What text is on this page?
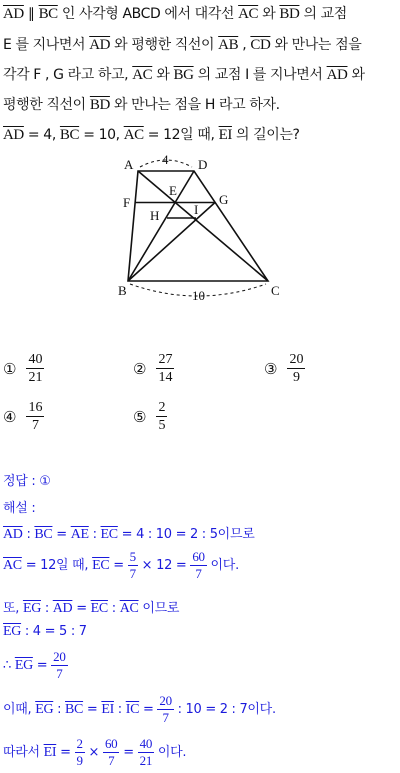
$\overline{AD}$ ∥ $\overline{BC}$ 인 사각형 ABCD 에서 대각선 $\overline{AC}$ 와 $\overline{BD}$ 의 교점
E 를 지나면서 $\overline{AD}$ 와 평행한 직선이 $\overline{AB}$ , $\overline{CD}$ 와 만나는 점을
각각 F , G 라고 하고, $\overline{AC}$ 와 $\overline{BG}$ 의 교점 I 를 지나면서 $\overline{AD}$ 와
평행한 직선이 $\overline{BD}$ 와 만나는 점을 H 라고 하자.
$\overline{AD} = 4$, $\overline{BC} = 10$, $\overline{AC} = 12$일 때, $\overline{EI}$ 의 길이는?
4
10
A	D
E
F	G
H	I
B	C
① $\frac{40}{21}$	② $\frac{27}{14}$	③ $\frac{20}{9}$
④ $\frac{16}{7}$	⑤ $\frac{2}{5}$
정답 : ①
해설 :
$\overline{AD}$ : $\overline{BC} = \overline{AE}$ : $\overline{EC} = 4$ : 10 = 2 : 5이므로
$\overline{AC} = 12$일 때, $\overline{EC} = \frac{5}{7} \times 12 = \frac{60}{7}$ 이다.
또, $\overline{EG}$ : $\overline{AD} = \overline{EC}$ : $\overline{AC}$ 이므로
$\overline{EG}$ : 4 = 5 : 7
∴ $\overline{EG} = \frac{20}{7}$
이때, $\overline{EG}$ : $\overline{BC} = \overline{EI}$ : $\overline{IC} = \frac{20}{7}$ : 10 = 2 : 7이다.
따라서 $\overline{EI} = \frac{2}{9} \times \frac{60}{7} = \frac{40}{21}$ 이다.
